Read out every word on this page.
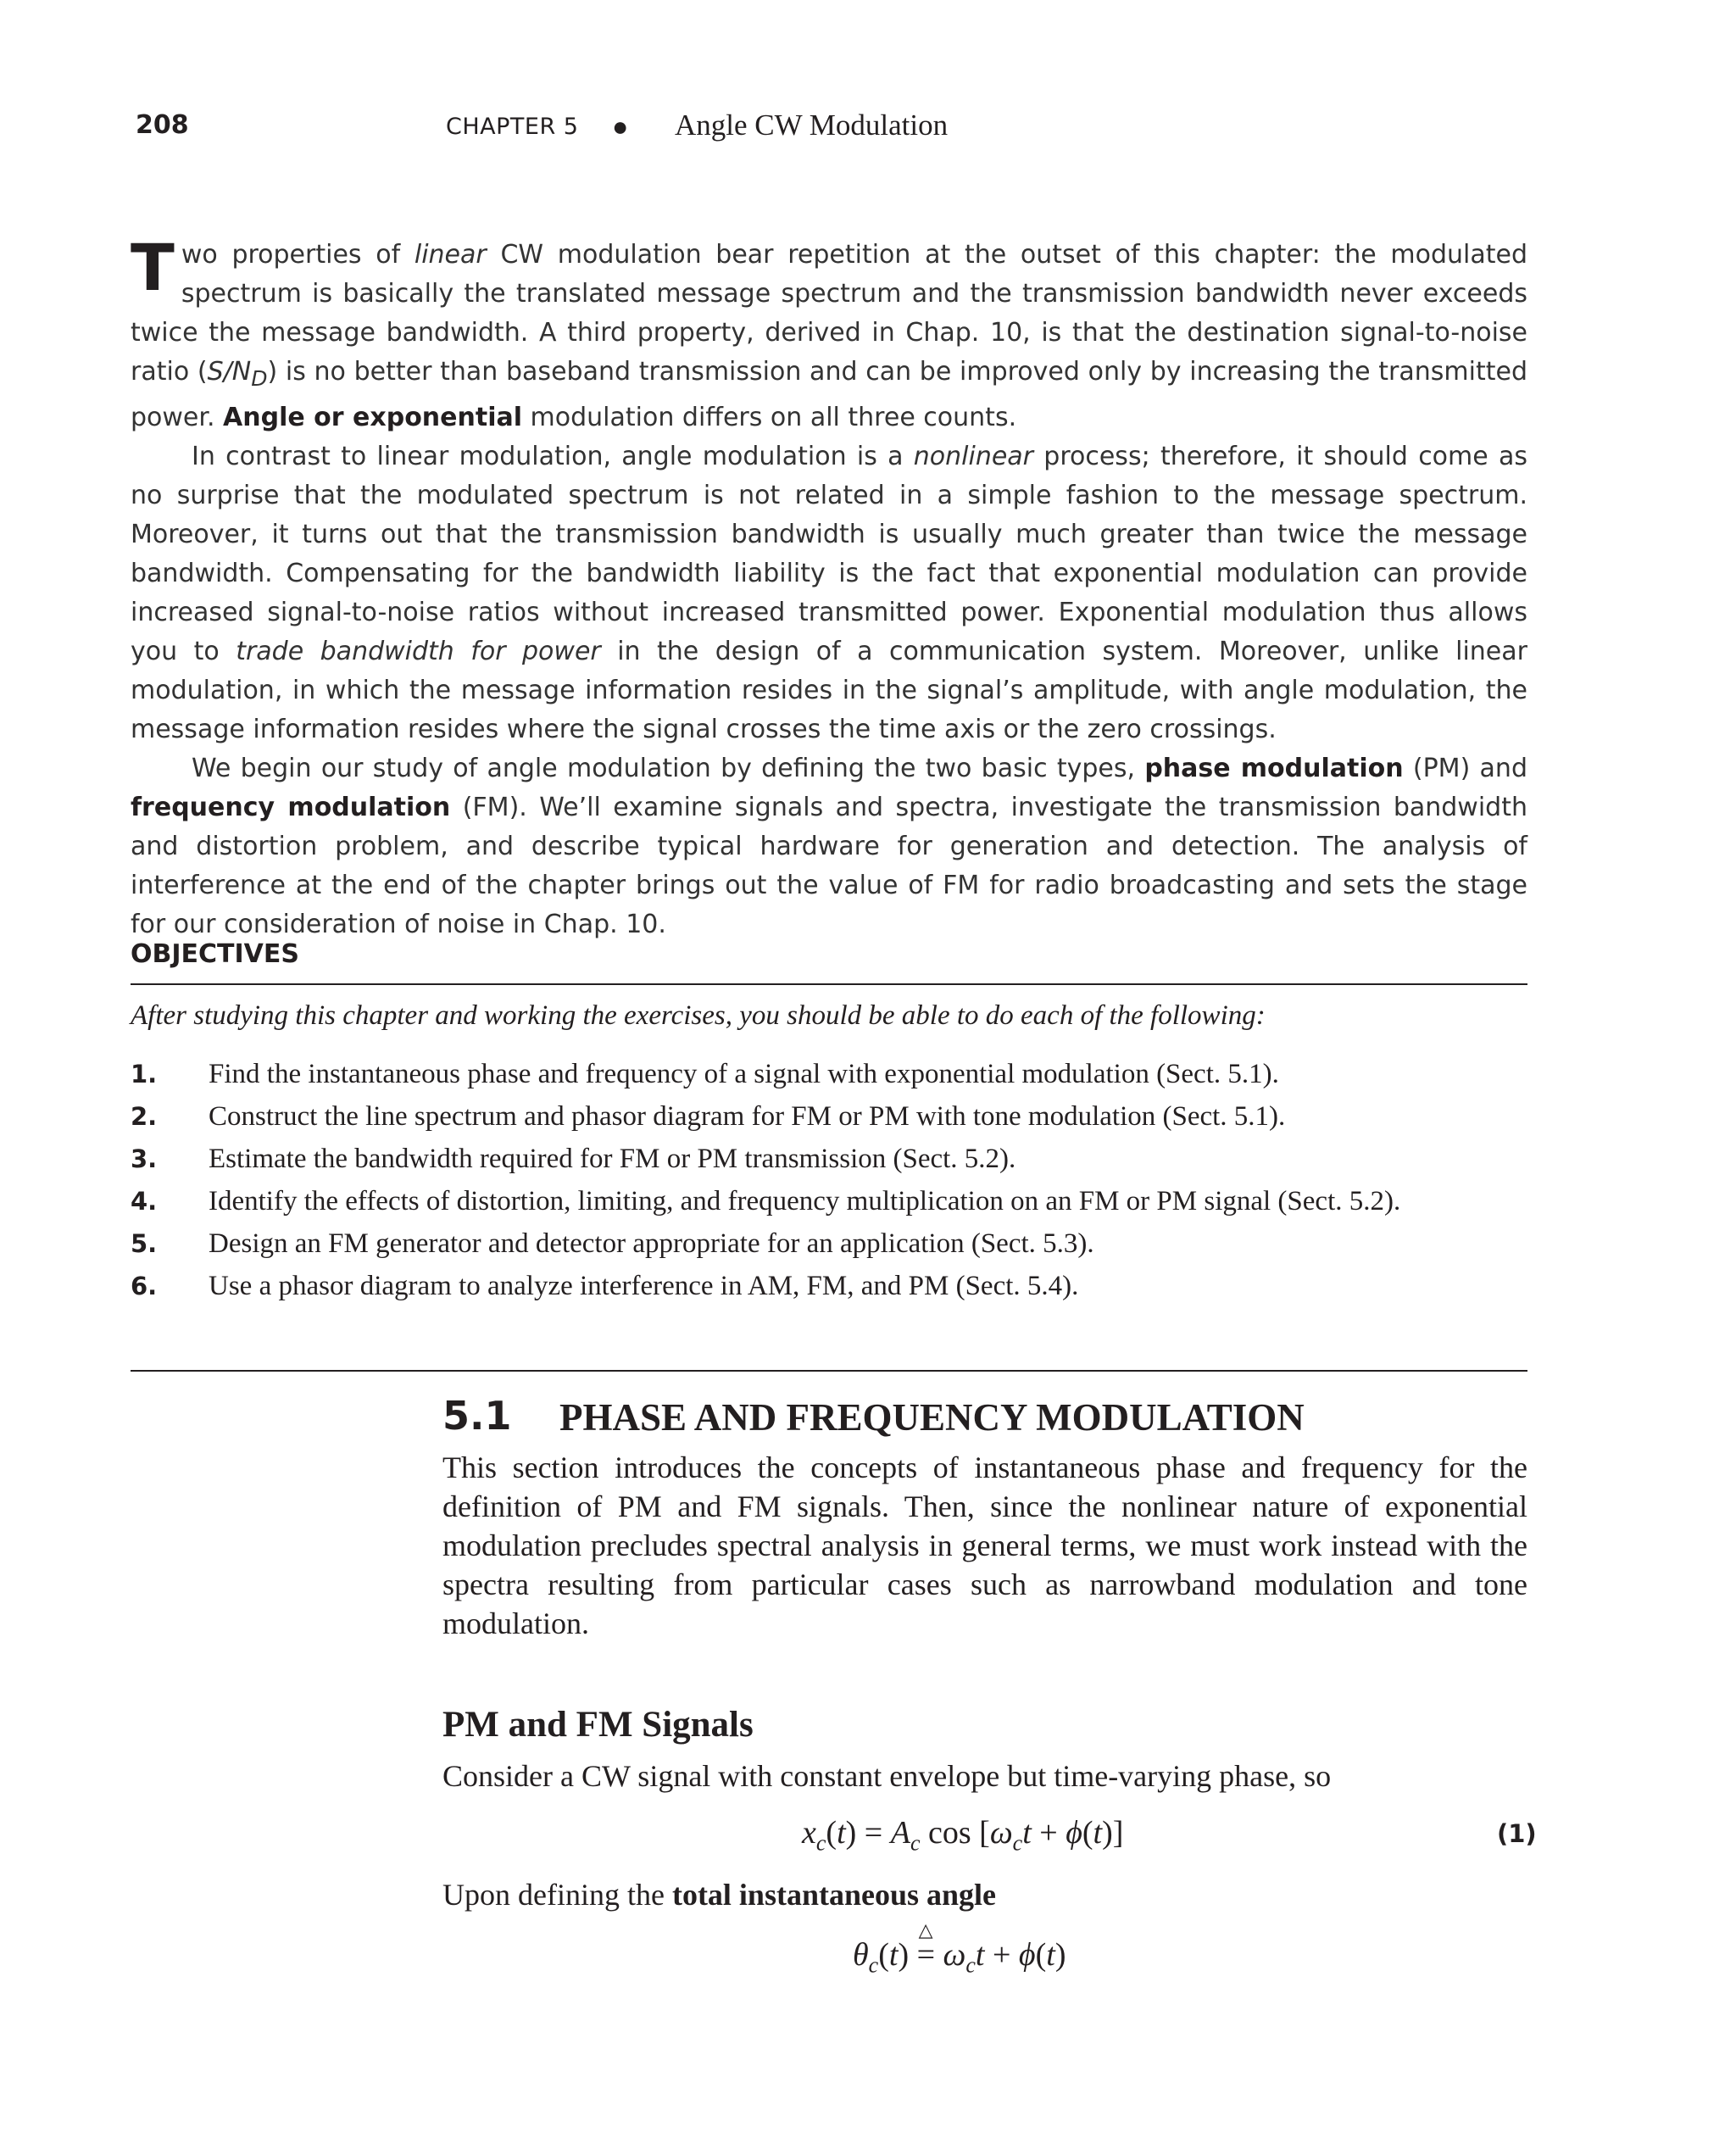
208	CHAPTER 5 ● Angle CW Modulation

Two properties of linear CW modulation bear repetition at the outset of this chapter: the modulated spectrum is basically the translated message spectrum and the transmission bandwidth never exceeds twice the message bandwidth. A third property, derived in Chap. 10, is that the destination signal-to-noise ratio $(S/N_D)$ is no better than baseband transmission and can be improved only by increasing the transmitted power. Angle or exponential modulation differs on all three counts.

In contrast to linear modulation, angle modulation is a nonlinear process; therefore, it should come as no surprise that the modulated spectrum is not related in a simple fashion to the message spectrum. Moreover, it turns out that the transmission bandwidth is usually much greater than twice the message bandwidth. Compensating for the bandwidth liability is the fact that exponential modulation can provide increased signal-to-noise ratios without increased transmitted power. Exponential modulation thus allows you to trade bandwidth for power in the design of a communication system. Moreover, unlike linear modulation, in which the message information resides in the signal’s amplitude, with angle modulation, the message information resides where the signal crosses the time axis or the zero crossings.

We begin our study of angle modulation by defining the two basic types, phase modulation (PM) and frequency modulation (FM). We’ll examine signals and spectra, investigate the transmission bandwidth and distortion problem, and describe typical hardware for generation and detection. The analysis of interference at the end of the chapter brings out the value of FM for radio broadcasting and sets the stage for our consideration of noise in Chap. 10.

OBJECTIVES
After studying this chapter and working the exercises, you should be able to do each of the following:
1. Find the instantaneous phase and frequency of a signal with exponential modulation (Sect. 5.1).
2. Construct the line spectrum and phasor diagram for FM or PM with tone modulation (Sect. 5.1).
3. Estimate the bandwidth required for FM or PM transmission (Sect. 5.2).
4. Identify the effects of distortion, limiting, and frequency multiplication on an FM or PM signal (Sect. 5.2).
5. Design an FM generator and detector appropriate for an application (Sect. 5.3).
6. Use a phasor diagram to analyze interference in AM, FM, and PM (Sect. 5.4).
5.1 PHASE AND FREQUENCY MODULATION
This section introduces the concepts of instantaneous phase and frequency for the definition of PM and FM signals. Then, since the nonlinear nature of exponential modulation precludes spectral analysis in general terms, we must work instead with the spectra resulting from particular cases such as narrowband modulation and tone modulation.
PM and FM Signals
Consider a CW signal with constant envelope but time-varying phase, so
$x_c(t) = A_c$ $\cos [\omega_ct + \phi(t)]$	(1)
Upon defining the total instantaneous angle
$\theta_c(t)$
△
= $\omega_ct + \phi(t)$
